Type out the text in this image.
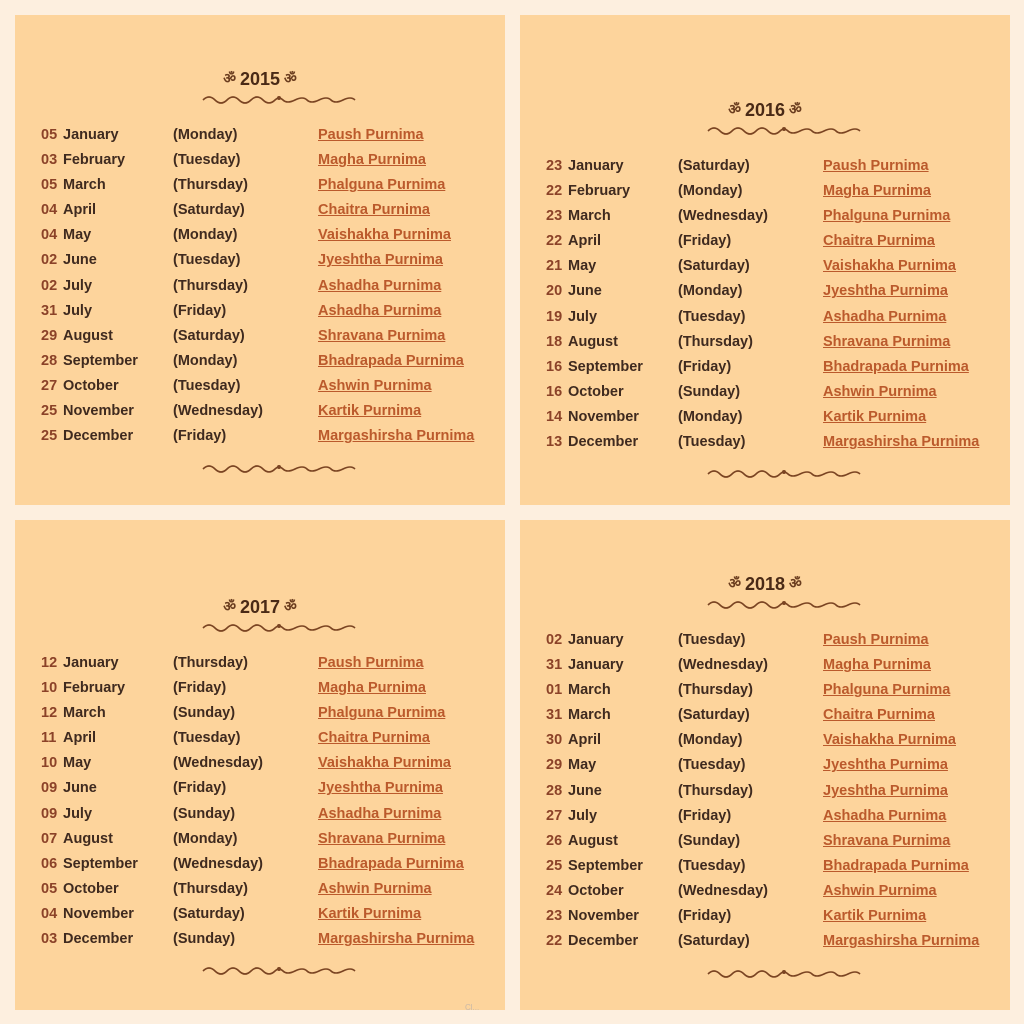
ॐ 2015 ॐ
05 January	(Monday)	Paush Purnima
03 February	(Tuesday)	Magha Purnima
05 March	(Thursday)	Phalguna Purnima
04 April	(Saturday)	Chaitra Purnima
04 May	(Monday)	Vaishakha Purnima
02 June	(Tuesday)	Jyeshtha Purnima
02 July	(Thursday)	Ashadha Purnima
31 July	(Friday)	Ashadha Purnima
29 August	(Saturday)	Shravana Purnima
28 September (Monday)	Bhadrapada Purnima
27 October	(Tuesday)	Ashwin Purnima
25 November	(Wednesday)	Kartik Purnima
25 December	(Friday)	Margashirsha Purnima
ॐ 2016 ॐ
23 January	(Saturday)	Paush Purnima
22 February	(Monday)	Magha Purnima
23 March	(Wednesday)	Phalguna Purnima
22 April	(Friday)	Chaitra Purnima
21 May	(Saturday)	Vaishakha Purnima
20 June	(Monday)	Jyeshtha Purnima
19 July	(Tuesday)	Ashadha Purnima
18 August	(Thursday)	Shravana Purnima
16 September (Friday)	Bhadrapada Purnima
16 October	(Sunday)	Ashwin Purnima
14 November	(Monday)	Kartik Purnima
13 December	(Tuesday)	Margashirsha Purnima
ॐ 2017 ॐ
12 January	(Thursday)	Paush Purnima
10 February	(Friday)	Magha Purnima
12 March	(Sunday)	Phalguna Purnima
11 April	(Tuesday)	Chaitra Purnima
10 May	(Wednesday)	Vaishakha Purnima
09 June	(Friday)	Jyeshtha Purnima
09 July	(Sunday)	Ashadha Purnima
07 August	(Monday)	Shravana Purnima
06 September (Wednesday)	Bhadrapada Purnima
05 October	(Thursday)	Ashwin Purnima
04 November	(Saturday)	Kartik Purnima
03 December	(Sunday)	Margashirsha Purnima
ॐ 2018 ॐ
02 January	(Tuesday)	Paush Purnima
31 January	(Wednesday)	Magha Purnima
01 March	(Thursday)	Phalguna Purnima
31 March	(Saturday)	Chaitra Purnima
30 April	(Monday)	Vaishakha Purnima
29 May	(Tuesday)	Jyeshtha Purnima
28 June	(Thursday)	Jyeshtha Purnima
27 July	(Friday)	Ashadha Purnima
26 August	(Sunday)	Shravana Purnima
25 September (Tuesday)	Bhadrapada Purnima
24 October	(Wednesday)	Ashwin Purnima
23 November	(Friday)	Kartik Purnima
22 December	(Saturday)	Margashirsha Purnima
Cl...
